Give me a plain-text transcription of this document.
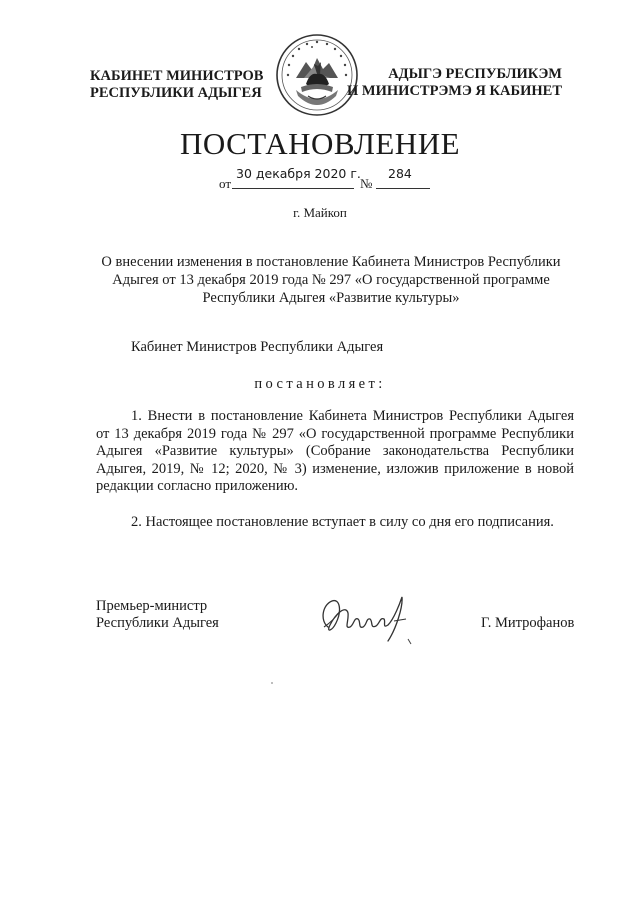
КАБИНЕТ МИНИСТРОВ
РЕСПУБЛИКИ АДЫГЕЯ
АДЫГЭ РЕСПУБЛИКЭМ
И МИНИСТРЭМЭ Я КАБИНЕТ
ПОСТАНОВЛЕНИЕ
от
30 декабря 2020 г.
№
284
г. Майкоп
О внесении изменения в постановление Кабинета Министров Республики Адыгея от 13 декабря 2019 года № 297 «О государственной программе Республики Адыгея «Развитие культуры»
Кабинет Министров Республики Адыгея
постановляет:
1. Внести в постановление Кабинета Министров Республики Адыгея от 13 декабря 2019 года № 297 «О государственной программе Республики Адыгея «Развитие культуры» (Собрание законодательства Республики Адыгея, 2019, № 12; 2020, № 3) изменение, изложив приложение в новой редакции согласно приложению.
2. Настоящее постановление вступает в силу со дня его подписания.
Премьер-министр
Республики Адыгея	Г. Митрофанов
